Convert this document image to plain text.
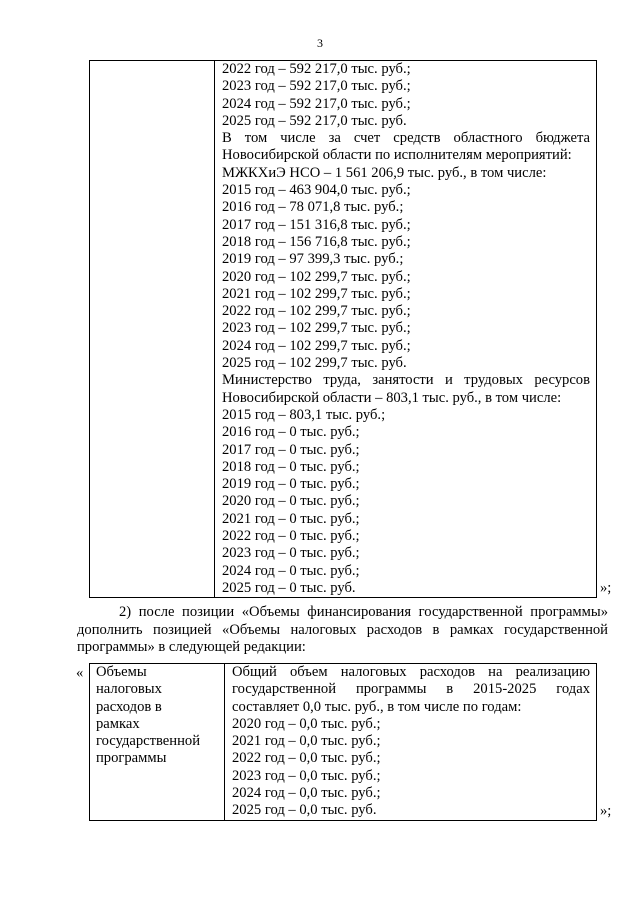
3

2022 год – 592 217,0 тыс. руб.;
2023 год – 592 217,0 тыс. руб.;
2024 год – 592 217,0 тыс. руб.;
2025 год – 592 217,0 тыс. руб.
В том числе за счет средств областного бюджета
Новосибирской области по исполнителям мероприятий:
МЖКХиЭ НСО – 1 561 206,9 тыс. руб., в том числе:
2015 год – 463 904,0 тыс. руб.;
2016 год – 78 071,8 тыс. руб.;
2017 год – 151 316,8 тыс. руб.;
2018 год – 156 716,8 тыс. руб.;
2019 год – 97 399,3 тыс. руб.;
2020 год – 102 299,7 тыс. руб.;
2021 год – 102 299,7 тыс. руб.;
2022 год – 102 299,7 тыс. руб.;
2023 год – 102 299,7 тыс. руб.;
2024 год – 102 299,7 тыс. руб.;
2025 год – 102 299,7 тыс. руб.
Министерство труда, занятости и трудовых ресурсов
Новосибирской области – 803,1 тыс. руб., в том числе:
2015 год – 803,1 тыс. руб.;
2016 год – 0 тыс. руб.;
2017 год – 0 тыс. руб.;
2018 год – 0 тыс. руб.;
2019 год – 0 тыс. руб.;
2020 год – 0 тыс. руб.;
2021 год – 0 тыс. руб.;
2022 год – 0 тыс. руб.;
2023 год – 0 тыс. руб.;
2024 год – 0 тыс. руб.;
2025 год – 0 тыс. руб.	»;
2) после позиции «Объемы финансирования государственной программы»
дополнить позицией «Объемы налоговых расходов в рамках государственной
программы» в следующей редакции:
« Объемы
налоговых
расходов в
рамках
государственной
программы

Общий объем налоговых расходов на реализацию
государственной программы в 2015-2025 годах
составляет 0,0 тыс. руб., в том числе по годам:
2020 год – 0,0 тыс. руб.;
2021 год – 0,0 тыс. руб.;
2022 год – 0,0 тыс. руб.;
2023 год – 0,0 тыс. руб.;
2024 год – 0,0 тыс. руб.;
2025 год – 0,0 тыс. руб.	»;
